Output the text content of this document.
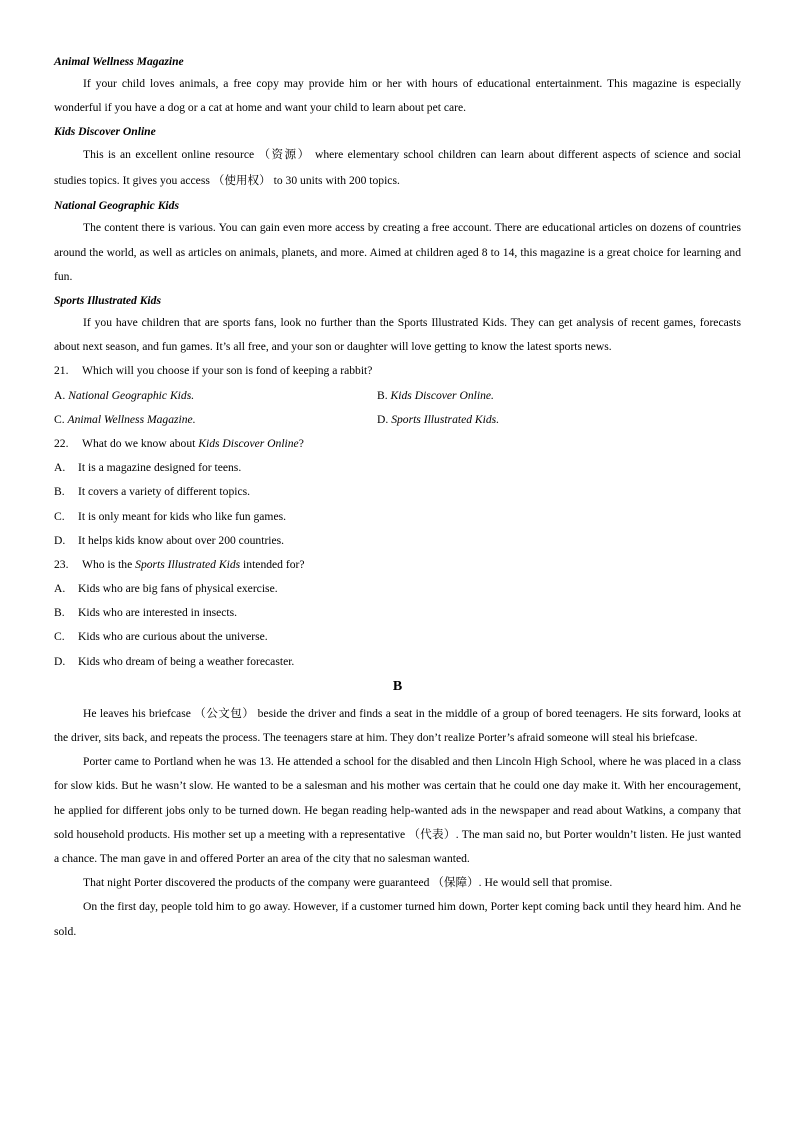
Animal Wellness Magazine

If your child loves animals, a free copy may provide him or her with hours of educational entertainment. This magazine is especially wonderful if you have a dog or a cat at home and want your child to learn about pet care.

Kids Discover Online

This is an excellent online resource （资源） where elementary school children can learn about different aspects of science and social studies topics. It gives you access （使用权） to 30 units with 200 topics.

National Geographic Kids

The content there is various. You can gain even more access by creating a free account. There are educational articles on dozens of countries around the world, as well as articles on animals, planets, and more. Aimed at children aged 8 to 14, this magazine is a great choice for learning and fun.

Sports Illustrated Kids

If you have children that are sports fans, look no further than the Sports Illustrated Kids. They can get analysis of recent games, forecasts about next season, and fun games. It’s all free, and your son or daughter will love getting to know the latest sports news.

21. Which will you choose if your son is fond of keeping a rabbit?

A. National Geographic Kids.	B. Kids Discover Online.
C. Animal Wellness Magazine.	D. Sports Illustrated Kids.

22. What do we know about Kids Discover Online?

A. It is a magazine designed for teens.

B. It covers a variety of different topics.

C. It is only meant for kids who like fun games.

D. It helps kids know about over 200 countries.

23. Who is the Sports Illustrated Kids intended for?

A. Kids who are big fans of physical exercise.

B. Kids who are interested in insects.

C. Kids who are curious about the universe.

D. Kids who dream of being a weather forecaster.

B

He leaves his briefcase （公文包） beside the driver and finds a seat in the middle of a group of bored teenagers. He sits forward, looks at the driver, sits back, and repeats the process. The teenagers stare at him. They don’t realize Porter’s afraid someone will steal his briefcase.

Porter came to Portland when he was 13. He attended a school for the disabled and then Lincoln High School, where he was placed in a class for slow kids. But he wasn’t slow. He wanted to be a salesman and his mother was certain that he could one day make it. With her encouragement, he applied for different jobs only to be turned down. He began reading help-wanted ads in the newspaper and read about Watkins, a company that sold household products. His mother set up a meeting with a representative （代表）. The man said no, but Porter wouldn’t listen. He just wanted a chance. The man gave in and offered Porter an area of the city that no salesman wanted.

That night Porter discovered the products of the company were guaranteed （保障）. He would sell that promise.

On the first day, people told him to go away. However, if a customer turned him down, Porter kept coming back until they heard him. And he sold.
